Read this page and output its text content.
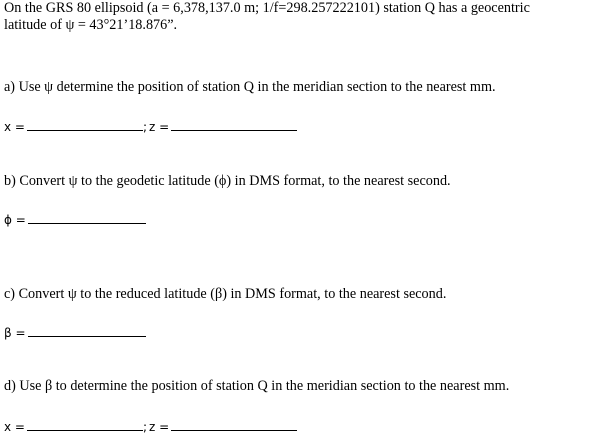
On the GRS 80 ellipsoid (a = 6,378,137.0 m; 1/f=298.257222101) station Q has a geocentric
latitude of ψ = 43°21’18.876”.
a) Use ψ determine the position of station Q in the meridian section to the nearest mm.
x =	; z =
b) Convert ψ to the geodetic latitude (ϕ) in DMS format, to the nearest second.
ϕ =
c) Convert ψ to the reduced latitude (β) in DMS format, to the nearest second.
β =
d) Use β to determine the position of station Q in the meridian section to the nearest mm.
x =	; z =
